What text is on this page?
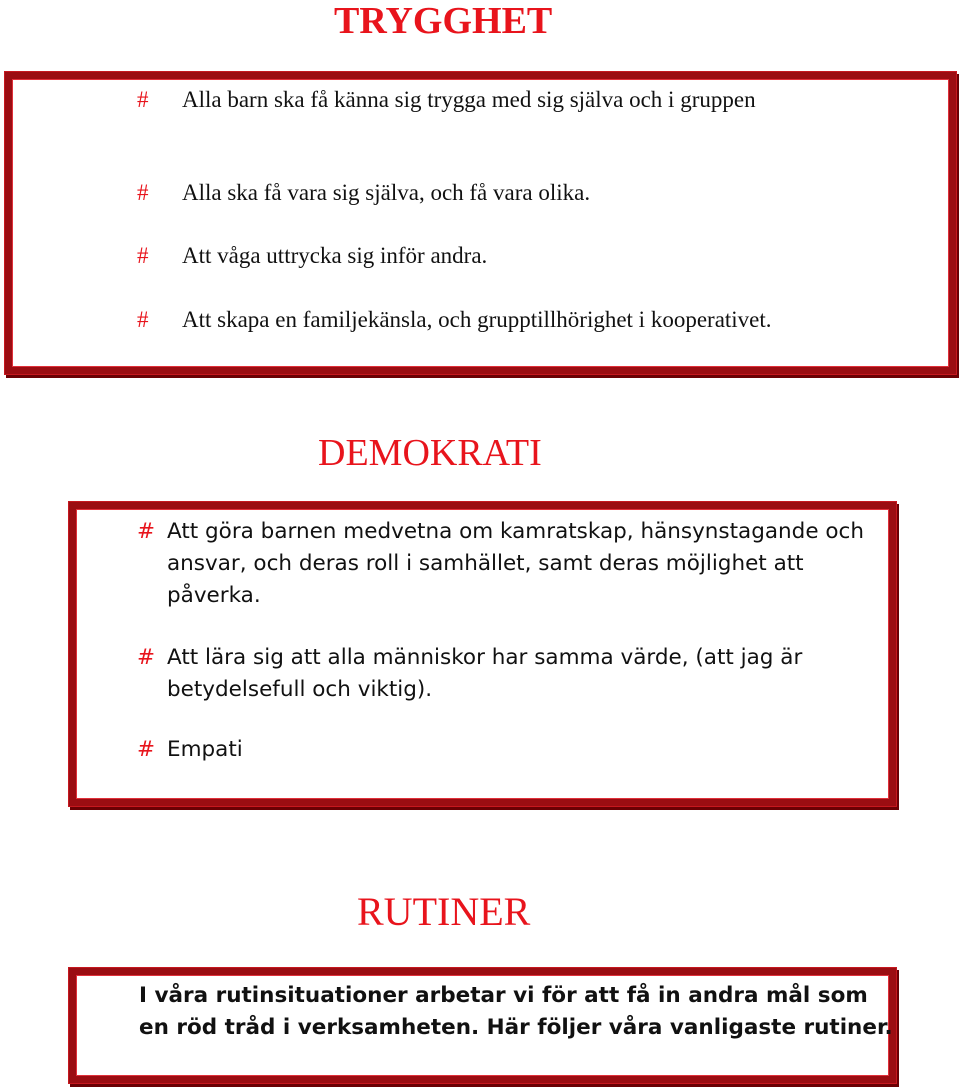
TRYGGHET
#	Alla barn ska få känna sig trygga med sig själva och i gruppen
#	Alla ska få vara sig själva, och få vara olika.
#	Att våga uttrycka sig inför andra.
#	Att skapa en familjekänsla, och grupptillhörighet i kooperativet.
DEMOKRATI
# Att göra barnen medvetna om kamratskap, hänsynstagande och ansvar, och deras roll i samhället, samt deras möjlighet att påverka.
# Att lära sig att alla människor har samma värde, (att jag är betydelsefull och viktig).
# Empati
RUTINER
I våra rutinsituationer arbetar vi för att få in andra mål som en röd tråd i verksamheten. Här följer våra vanligaste rutiner.
